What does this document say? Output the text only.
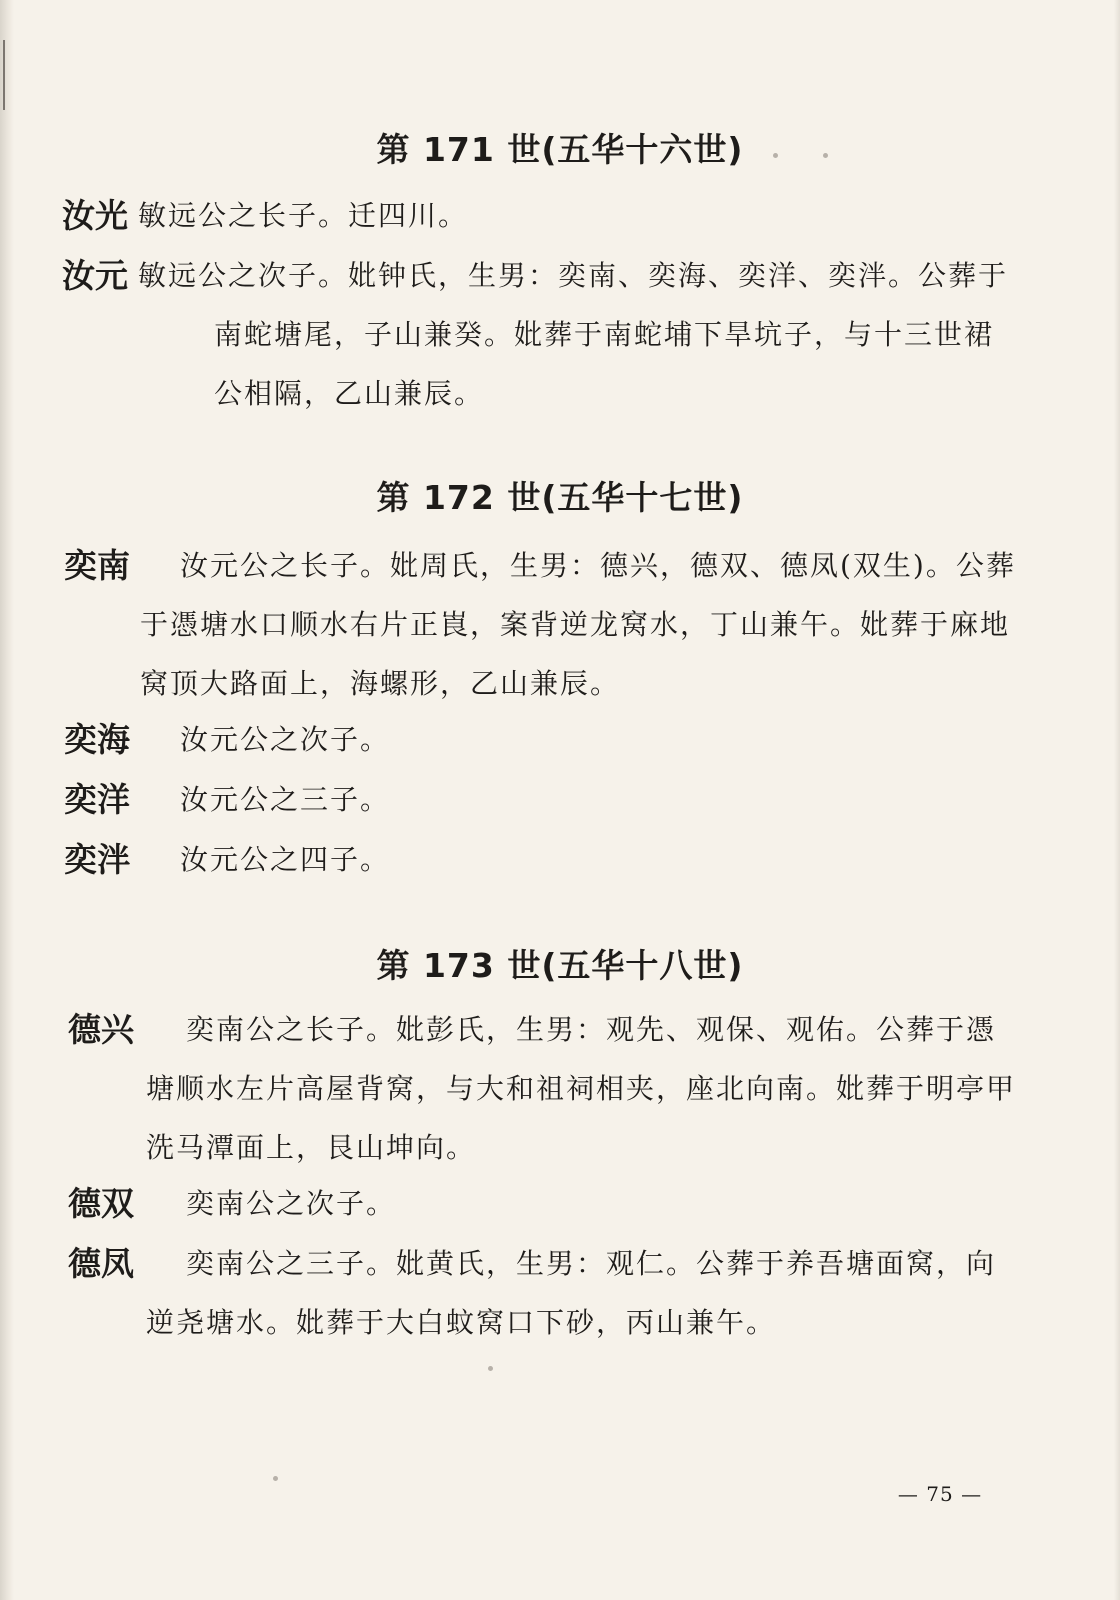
第 171 世(五华十六世)
汝光 敏远公之长子。迁四川。
汝元 敏远公之次子。妣钟氏，生男：奕南、奕海、奕洋、奕泮。公葬于南蛇塘尾，子山兼癸。妣葬于南蛇埔下旱坑子，与十三世裙公相隔，乙山兼辰。
第 172 世(五华十七世)
奕南	汝元公之长子。妣周氏，生男：德兴，德双、德凤(双生)。公葬于憑塘水口顺水右片正崀，案背逆龙窝水，丁山兼午。妣葬于麻地窝顶大路面上，海螺形，乙山兼辰。
奕海	汝元公之次子。
奕洋	汝元公之三子。
奕泮	汝元公之四子。
第 173 世(五华十八世)
德兴	奕南公之长子。妣彭氏，生男：观先、观保、观佑。公葬于憑塘顺水左片高屋背窝，与大和祖祠相夹，座北向南。妣葬于明亭甲洗马潭面上，艮山坤向。
德双	奕南公之次子。
德凤	奕南公之三子。妣黄氏，生男：观仁。公葬于养吾塘面窝，向逆尧塘水。妣葬于大白蚊窝口下砂，丙山兼午。
— 75 —
